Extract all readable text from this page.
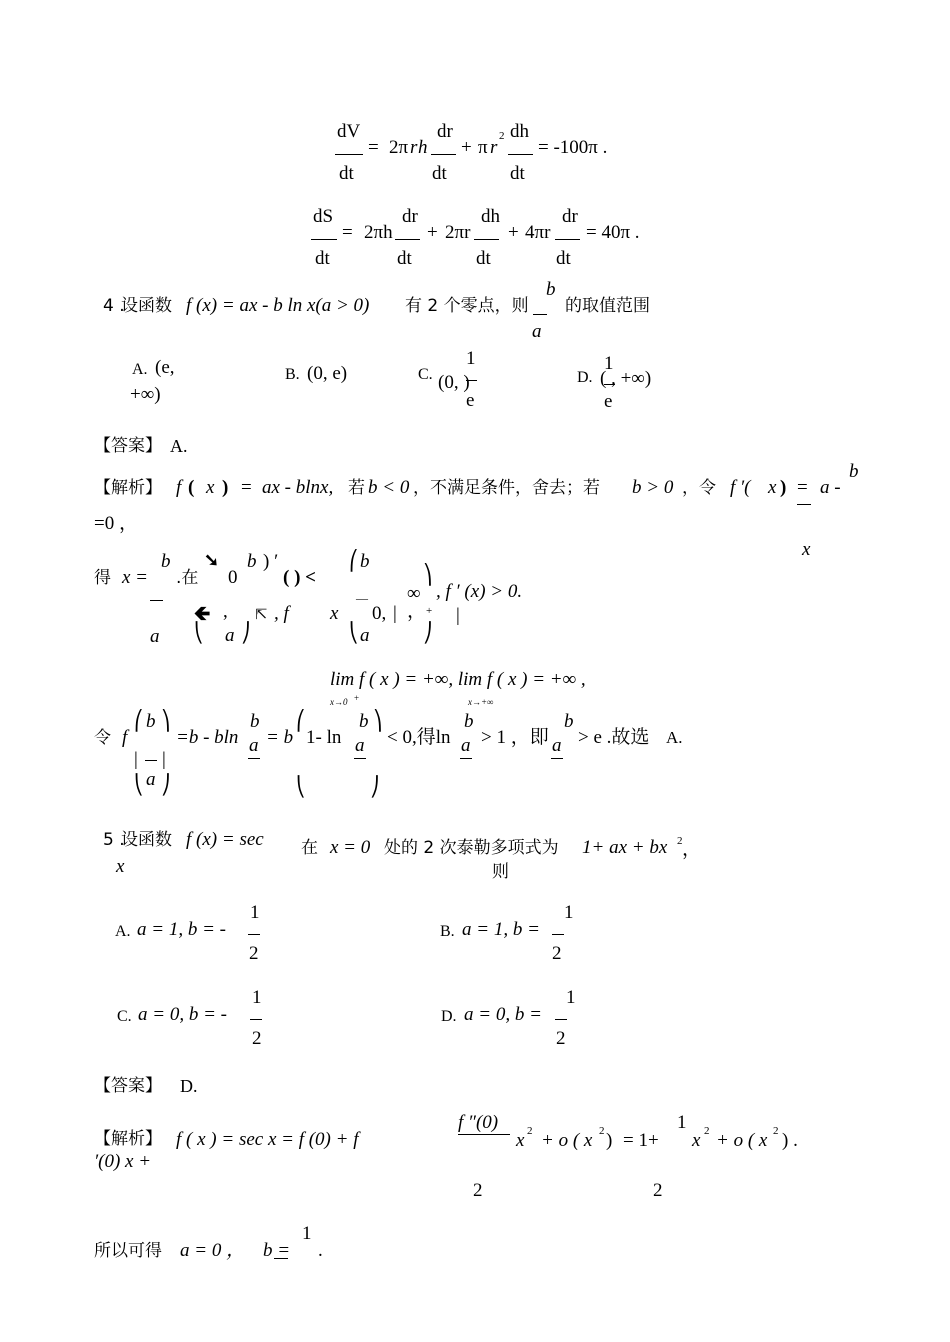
dV
dt
= 2π r h
dr
dt
+ π r
2 dh
dt
= -100π .
dS
dt
= 2πh
dr
dt
+ 2πr
dh
dt
+ 4πr
dr
dt
= 40π .
4 .
设函数 f (x) = ax - b ln x(a > 0) 有 2 个零点，则
b
a
的取值范围
A. (e,
+∞)
B. (0, e)	C.
1
(0, )
e
D.
1
( , +∞)
e
【答案】 A.
【解析】 f ( x ) = ax - blnx, 若 b < 0 ，不满足条件，舍去；若 b > 0 ，令 f ′( x ) = a -
b
x
=0 ，
得 x =
b
a
.在
➘
0
b ) ′
( ) <
⎛ b
∞
⎞
, f ′ (x) > 0.
🡸 ,
⎝ a ⎠
⇱ , f x
—
0, |	+
， |
⎝ a	⎠
lim f ( x ) = +∞, lim f ( x ) = +∞ ,
x→0 +	x→+∞
令 f
⎛ b ⎞
| |
⎝ a ⎠
=b - bln
b
a = b
⎛
1- ln
b
a
⎞
⎝	⎠
< 0,得ln
b
a > 1 ，即
b
a > e .故选 A.
5 .
设函数 f (x) = sec
x
在 x = 0 处的 2 次泰勒多项式为 1+ ax + bx 2 ，
则
A. a = 1, b = -
1
2
B. a = 1, b =
1
2
C. a = 0, b = -
1
2
D. a = 0, b =
1
2
【答案】 D.
【解析】 f ( x ) = sec x = f (0) + f
′(0) x +
f ″(0)
2
x 2 + o ( x 2 ) = 1+
1
2
x 2 + o ( x 2 ) .
所以可得 a = 0 ， b =
1
.
